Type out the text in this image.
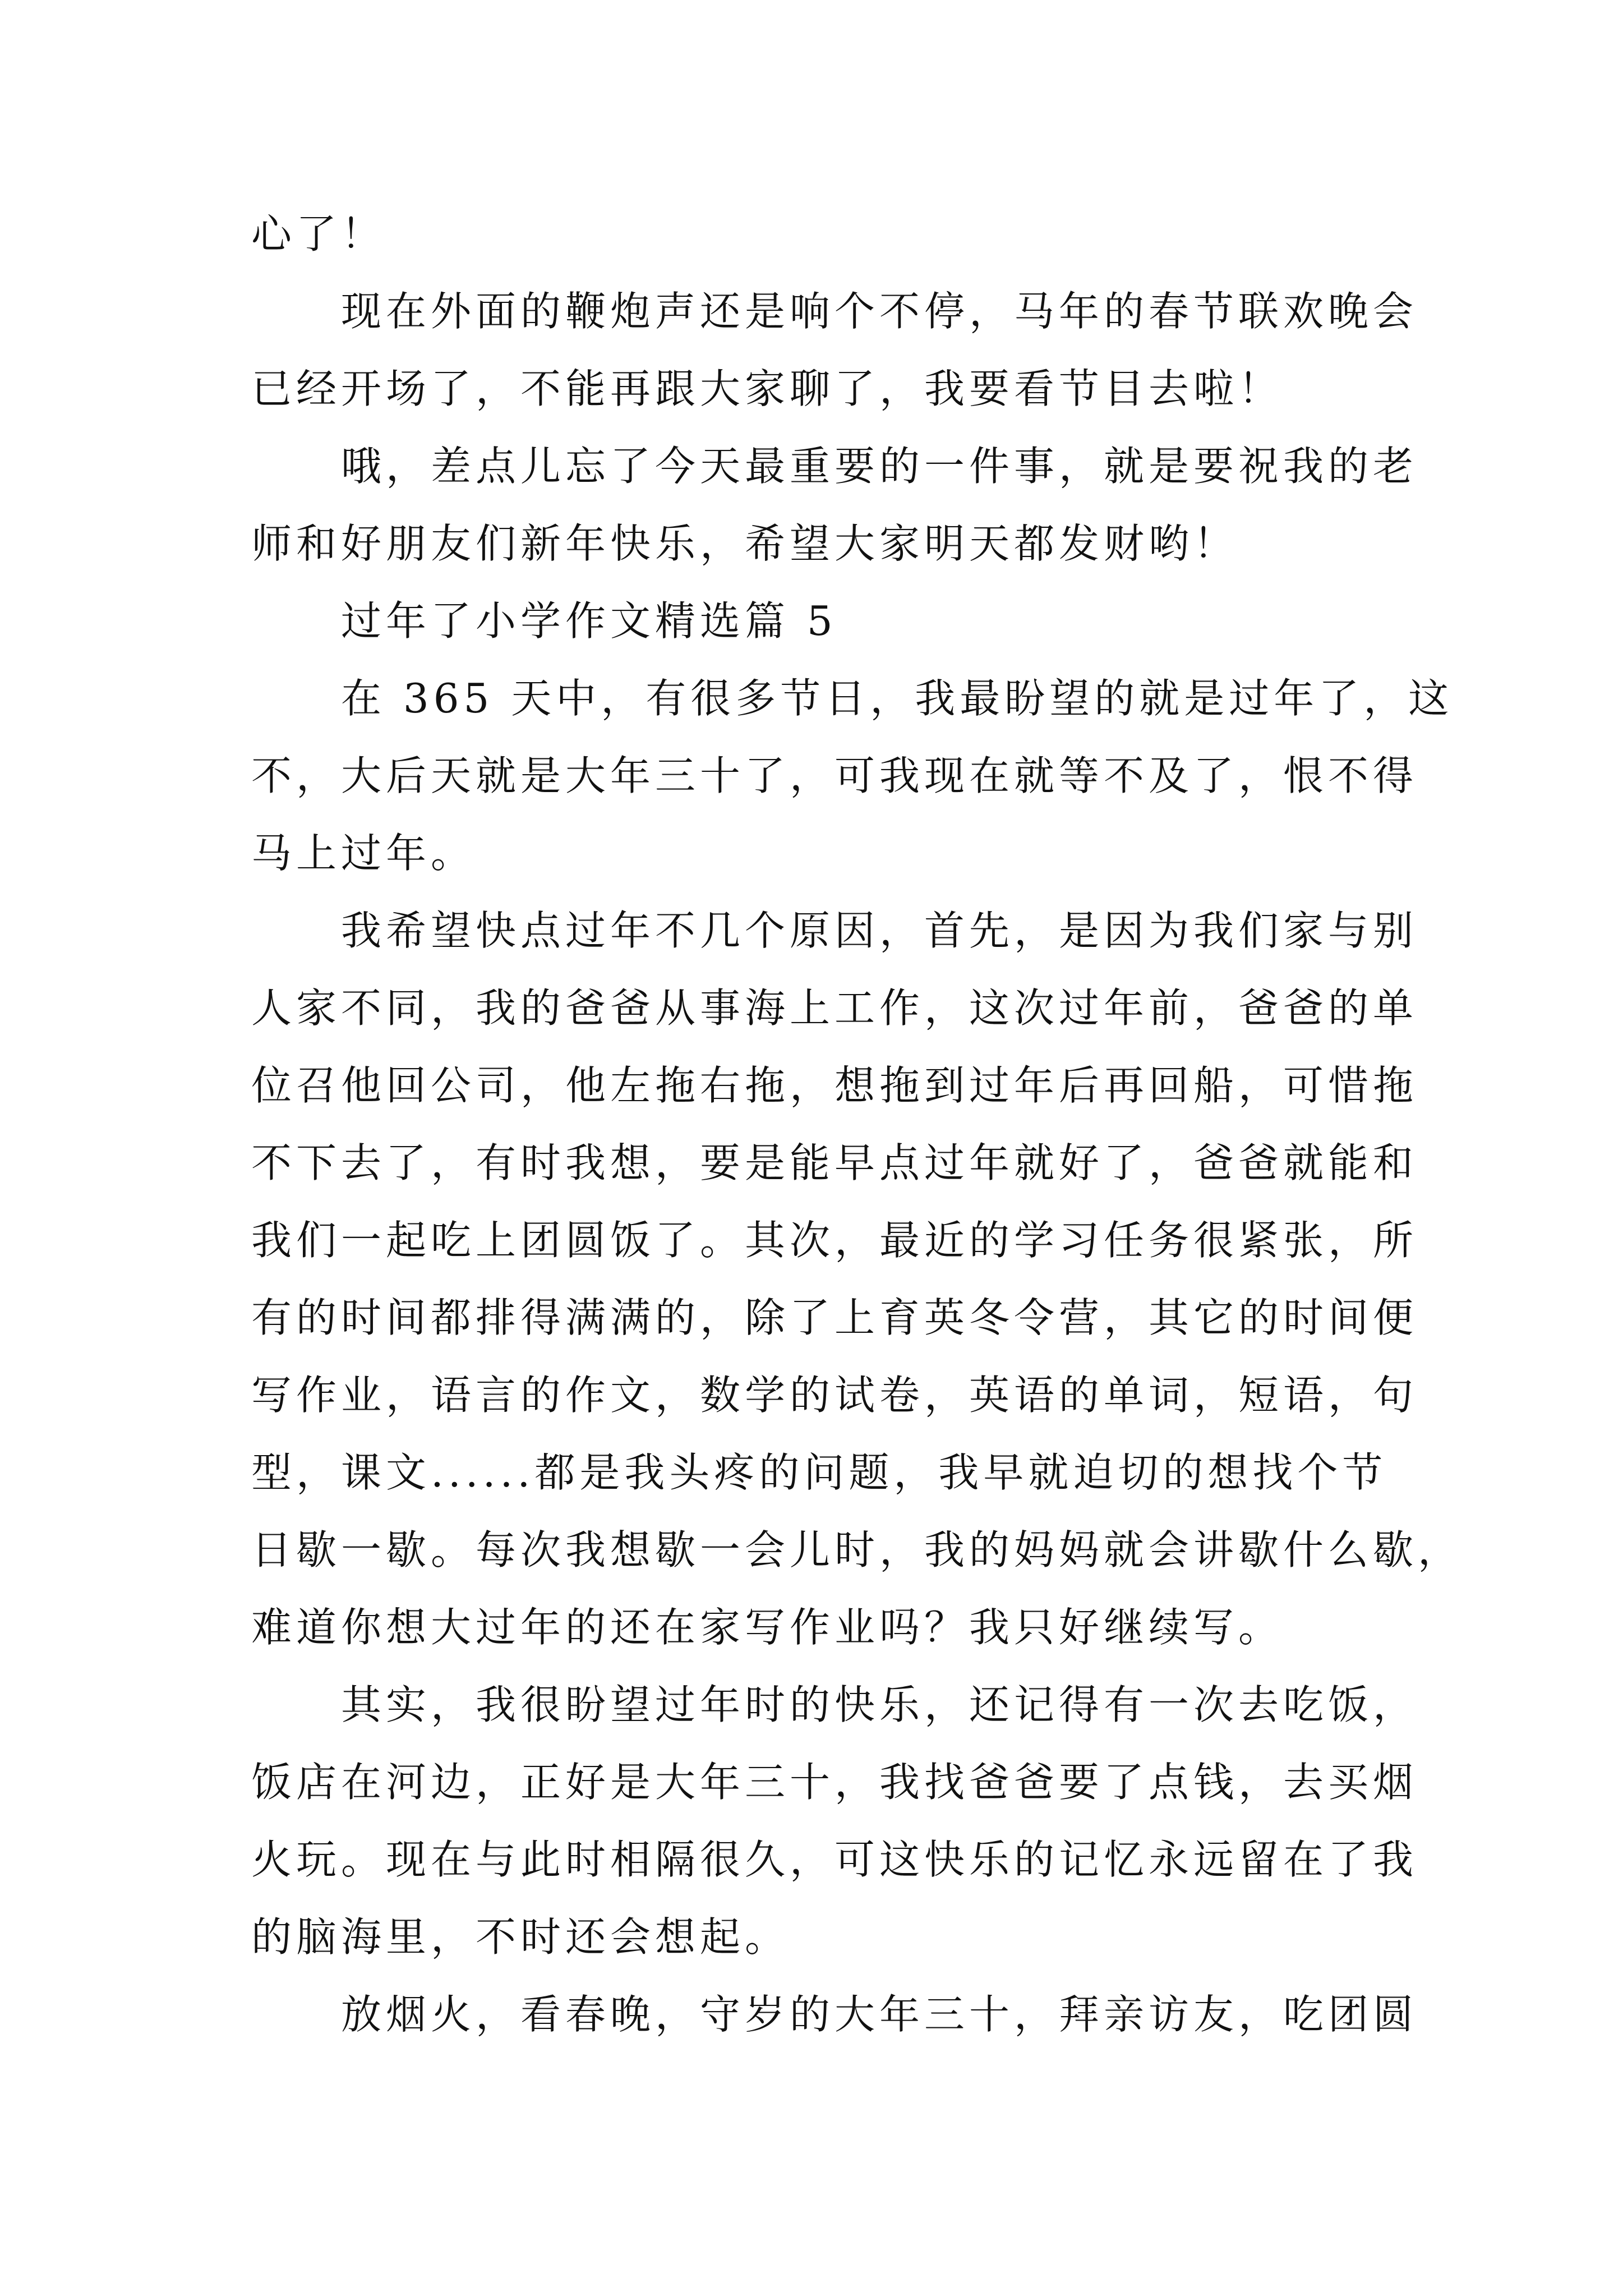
心了！
现在外面的鞭炮声还是响个不停，马年的春节联欢晚会
已经开场了，不能再跟大家聊了，我要看节目去啦！
哦，差点儿忘了今天最重要的一件事，就是要祝我的老
师和好朋友们新年快乐，希望大家明天都发财哟！
过年了小学作文精选篇 5
在 365 天中，有很多节日，我最盼望的就是过年了，这
不，大后天就是大年三十了，可我现在就等不及了，恨不得
马上过年。
我希望快点过年不几个原因，首先，是因为我们家与别
人家不同，我的爸爸从事海上工作，这次过年前，爸爸的单
位召他回公司，他左拖右拖，想拖到过年后再回船，可惜拖
不下去了，有时我想，要是能早点过年就好了，爸爸就能和
我们一起吃上团圆饭了。其次，最近的学习任务很紧张，所
有的时间都排得满满的，除了上育英冬令营，其它的时间便
写作业，语言的作文，数学的试卷，英语的单词，短语，句
型，课文......都是我头疼的问题，我早就迫切的想找个节
日歇一歇。每次我想歇一会儿时，我的妈妈就会讲歇什么歇，
难道你想大过年的还在家写作业吗？我只好继续写。
其实，我很盼望过年时的快乐，还记得有一次去吃饭，
饭店在河边，正好是大年三十，我找爸爸要了点钱，去买烟
火玩。现在与此时相隔很久，可这快乐的记忆永远留在了我
的脑海里，不时还会想起。
放烟火，看春晚，守岁的大年三十，拜亲访友，吃团圆
